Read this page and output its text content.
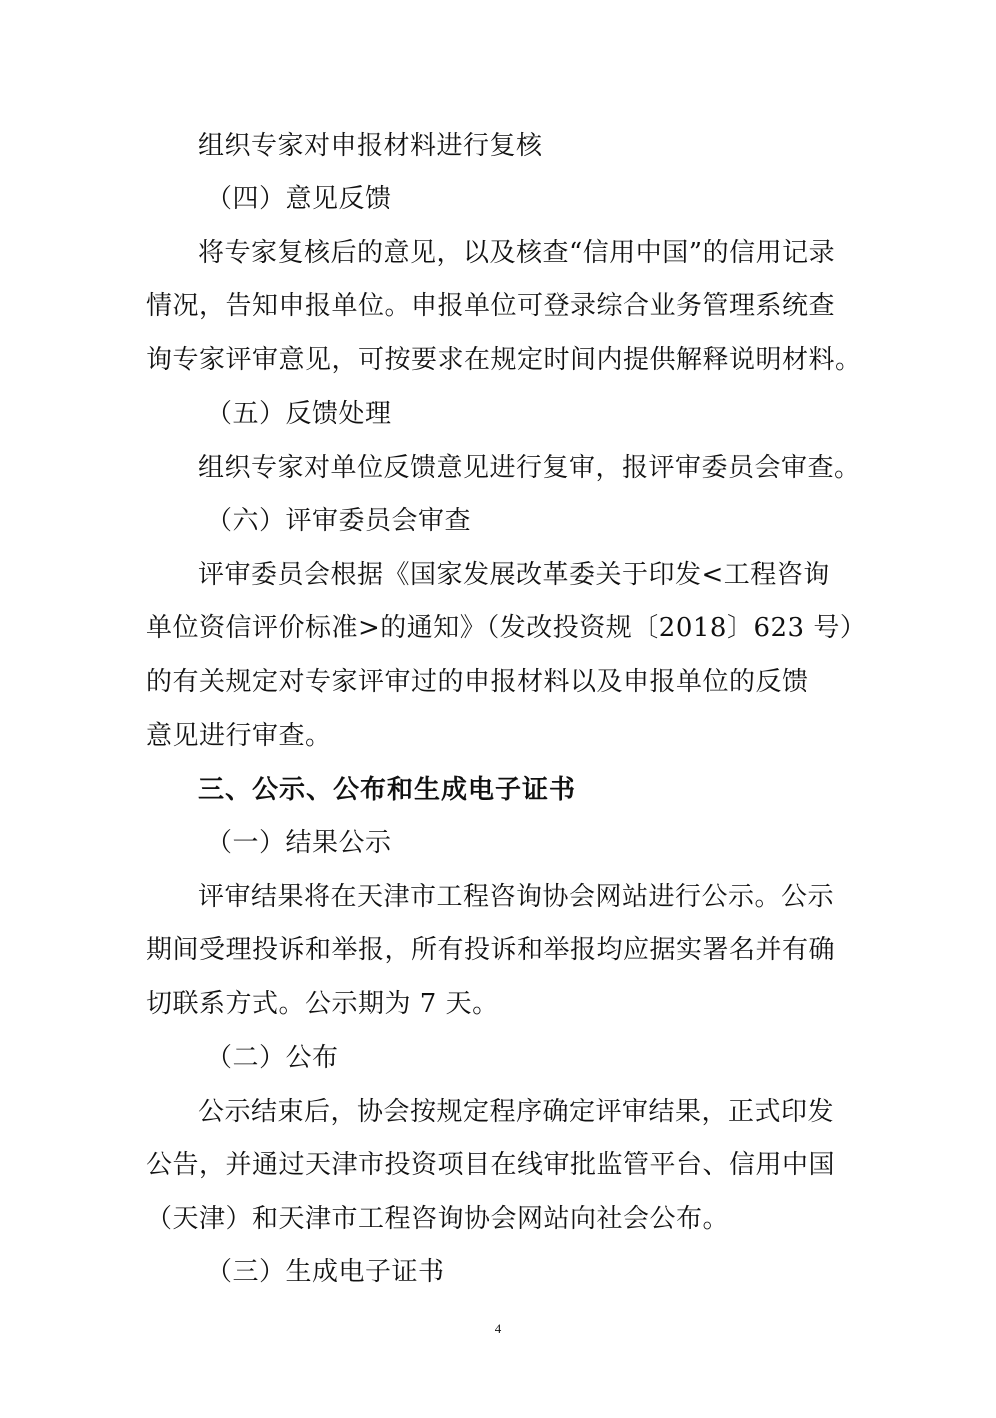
组织专家对申报材料进行复核
（四）意见反馈
将专家复核后的意见，以及核查“信用中国”的信用记录
情况，告知申报单位。申报单位可登录综合业务管理系统查
询专家评审意见，可按要求在规定时间内提供解释说明材料。
（五）反馈处理
组织专家对单位反馈意见进行复审，报评审委员会审查。
（六）评审委员会审查
评审委员会根据《国家发展改革委关于印发<工程咨询
单位资信评价标准>的通知》（发改投资规〔2018〕623 号）
的有关规定对专家评审过的申报材料以及申报单位的反馈
意见进行审查。
三、公示、公布和生成电子证书
（一）结果公示
评审结果将在天津市工程咨询协会网站进行公示。公示
期间受理投诉和举报，所有投诉和举报均应据实署名并有确
切联系方式。公示期为 7 天。
（二）公布
公示结束后，协会按规定程序确定评审结果，正式印发
公告，并通过天津市投资项目在线审批监管平台、信用中国
（天津）和天津市工程咨询协会网站向社会公布。
（三）生成电子证书
4
